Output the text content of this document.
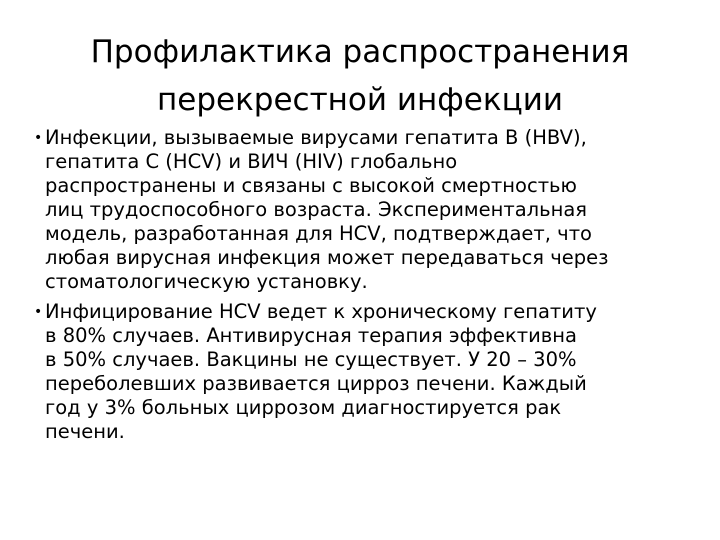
Профилактика распространения
перекрестной инфекции
• Инфекции, вызываемые вирусами гепатита В (HBV),
гепатита С (HCV) и ВИЧ (HIV) глобально
распространены и связаны с высокой смертностью
лиц трудоспособного возраста. Экспериментальная
модель, разработанная для HCV, подтверждает, что
любая вирусная инфекция может передаваться через
стоматологическую установку.
• Инфицирование HCV ведет к хроническому гепатиту
в 80% случаев. Антивирусная терапия эффективна
в 50% случаев. Вакцины не существует. У 20 – 30%
переболевших развивается цирроз печени. Каждый
год у 3% больных циррозом диагностируется рак
печени.
